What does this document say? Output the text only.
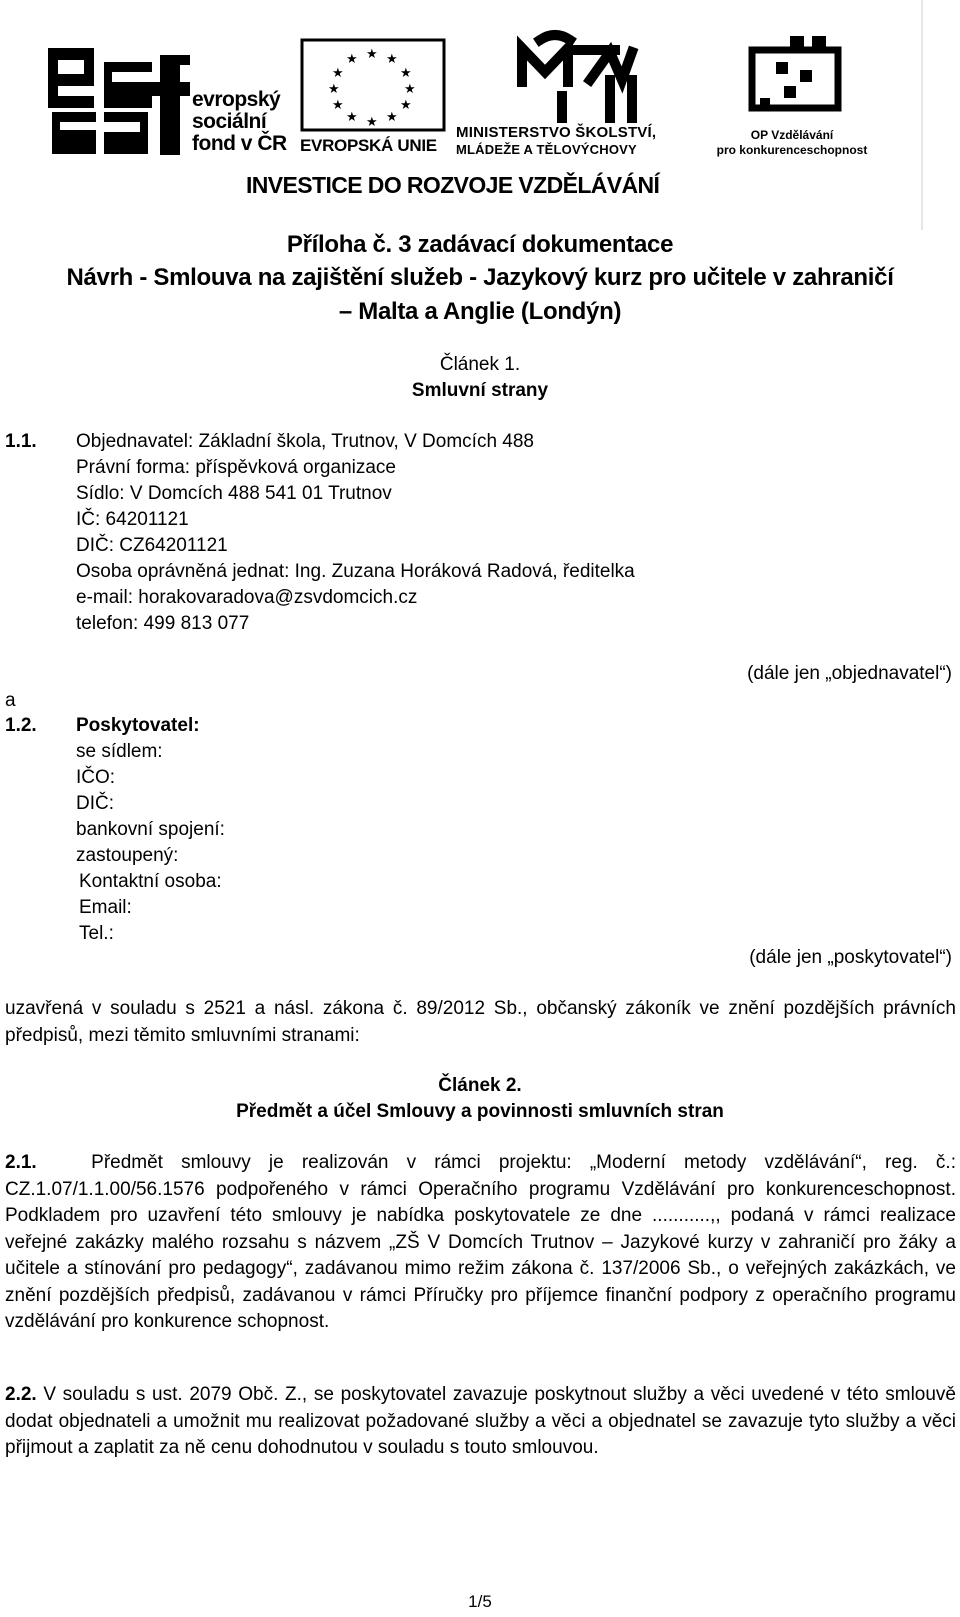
★ ★
★
★
★
★
★
★
★
★
★
★
evropský
sociální
fond v ČR EVROPSKÁ UNIE
MINISTERSTVO ŠKOLSTVÍ,
MLÁDEŽE A TĚLOVÝCHOVY
OP Vzdělávání
pro konkurenceschopnost
INVESTICE DO ROZVOJE VZDĚLÁVÁNÍ
Příloha č. 3 zadávací dokumentace
Návrh - Smlouva na zajištění služeb - Jazykový kurz pro učitele v zahraničí
– Malta a Anglie (Londýn)
Článek 1.
Smluvní strany
1.1. Objednavatel: Základní škola, Trutnov, V Domcích 488
Právní forma: příspěvková organizace
Sídlo: V Domcích 488 541 01 Trutnov
IČ: 64201121
DIČ: CZ64201121
Osoba oprávněná jednat: Ing. Zuzana Horáková Radová, ředitelka
e-mail: horakovaradova@zsvdomcich.cz
telefon: 499 813 077
(dále jen „objednavatel“)
a
1.2. Poskytovatel:
se sídlem:
IČO:
DIČ:
bankovní spojení:
zastoupený:
Kontaktní osoba:
Email:
Tel.:
(dále jen „poskytovatel“)
uzavřená v souladu s 2521 a násl. zákona č. 89/2012 Sb., občanský zákoník ve znění pozdějších právních předpisů, mezi těmito smluvními stranami:
Článek 2.
Předmět a účel Smlouvy a povinnosti smluvních stran
2.1.	Předmět smlouvy je realizován v rámci projektu: „Moderní metody vzdělávání“, reg. č.: CZ.1.07/1.1.00/56.1576 podpořeného v rámci Operačního programu Vzdělávání pro konkurenceschopnost. Podkladem pro uzavření této smlouvy je nabídka poskytovatele ze dne ...........,, podaná v rámci realizace veřejné zakázky malého rozsahu s názvem „ZŠ V Domcích Trutnov – Jazykové kurzy v zahraničí pro žáky a učitele a stínování pro pedagogy“, zadávanou mimo režim zákona č. 137/2006 Sb., o veřejných zakázkách, ve znění pozdějších předpisů, zadávanou v rámci Příručky pro příjemce finanční podpory z operačního programu vzdělávání pro konkurence schopnost.
2.2. V souladu s ust. 2079 Obč. Z., se poskytovatel zavazuje poskytnout služby a věci uvedené v této smlouvě dodat objednateli a umožnit mu realizovat požadované služby a věci a objednatel se zavazuje tyto služby a věci přijmout a zaplatit za ně cenu dohodnutou v souladu s touto smlouvou.
1/5
